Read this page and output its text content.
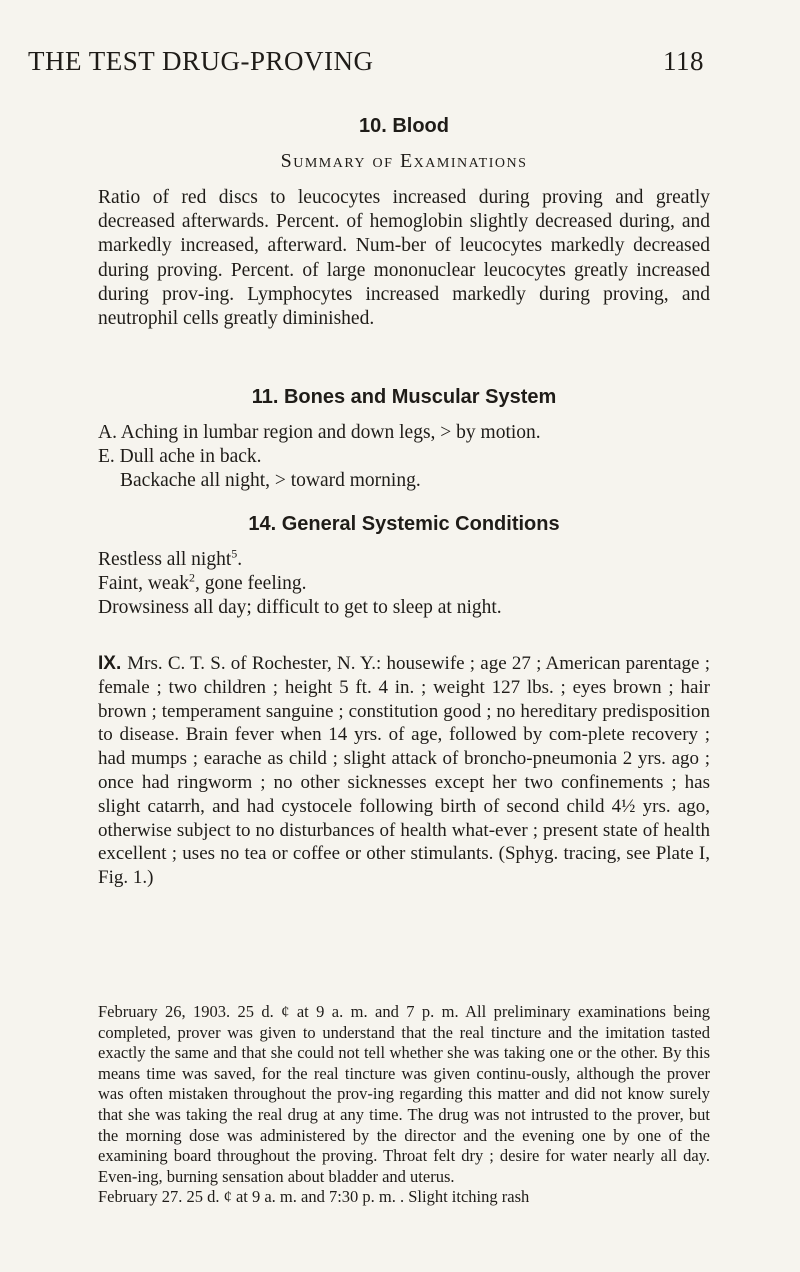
THE TEST DRUG-PROVING	118
10. Blood
Summary of Examinations

Ratio of red discs to leucocytes increased during proving and greatly decreased afterwards. Percent. of hemoglobin slightly decreased during, and markedly increased, afterward. Num-ber of leucocytes markedly decreased during proving. Percent. of large mononuclear leucocytes greatly increased during prov-ing. Lymphocytes increased markedly during proving, and neutrophil cells greatly diminished.

11. Bones and Muscular System
A. Aching in lumbar region and down legs, > by motion.
E. Dull ache in back.
Backache all night, > toward morning.
14. General Systemic Conditions
Restless all night$^5$.
Faint, weak$^2$, gone feeling.
Drowsiness all day; difficult to get to sleep at night.

IX. Mrs. C. T. S. of Rochester, N. Y.: housewife ; age 27 ; American parentage ; female ; two children ; height 5 ft. 4 in. ; weight 127 lbs. ; eyes brown ; hair brown ; temperament sanguine ; constitution good ; no hereditary predisposition to disease. Brain fever when 14 yrs. of age, followed by com-plete recovery ; had mumps ; earache as child ; slight attack of broncho-pneumonia 2 yrs. ago ; once had ringworm ; no other sicknesses except her two confinements ; has slight catarrh, and had cystocele following birth of second child 4½ yrs. ago, otherwise subject to no disturbances of health what-ever ; present state of health excellent ; uses no tea or coffee or other stimulants. (Sphyg. tracing, see Plate I, Fig. 1.)

February 26, 1903. 25 d. ¢ at 9 a. m. and 7 p. m. All preliminary examinations being completed, prover was given to understand that the real tincture and the imitation tasted exactly the same and that she could not tell whether she was taking one or the other. By this means time was saved, for the real tincture was given continu-ously, although the prover was often mistaken throughout the prov-ing regarding this matter and did not know surely that she was taking the real drug at any time. The drug was not intrusted to the prover, but the morning dose was administered by the director and the evening one by one of the examining board throughout the proving. Throat felt dry ; desire for water nearly all day. Even-ing, burning sensation about bladder and uterus.

February 27. 25 d. ¢ at 9 a. m. and 7:30 p. m. . Slight itching rash
